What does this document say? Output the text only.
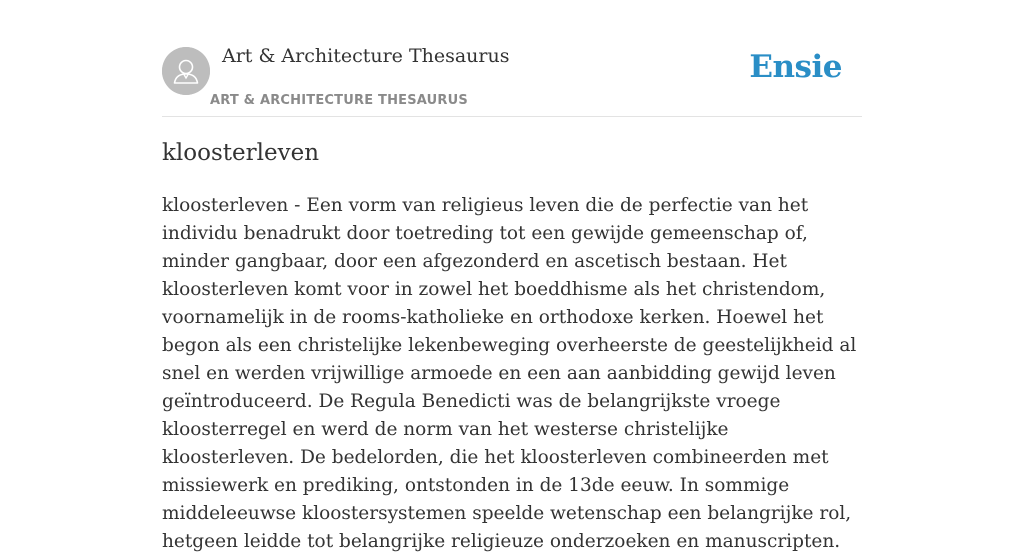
Art & Architecture Thesaurus
ART & ARCHITECTURE THESAURUS
Ensie
kloosterleven

kloosterleven - Een vorm van religieus leven die de perfectie van het individu benadrukt door toetreding tot een gewijde gemeenschap of, minder gangbaar, door een afgezonderd en ascetisch bestaan. Het kloosterleven komt voor in zowel het boeddhisme als het christendom, voornamelijk in de rooms-katholieke en orthodoxe kerken. Hoewel het begon als een christelijke lekenbeweging overheerste de geestelijkheid al snel en werden vrijwillige armoede en een aan aanbidding gewijd leven geïntroduceerd. De Regula Benedicti was de belangrijkste vroege kloosterregel en werd de norm van het westerse christelijke kloosterleven. De bedelorden, die het kloosterleven combineerden met missiewerk en prediking, ontstonden in de 13de eeuw. In sommige middeleeuwse kloostersystemen speelde wetenschap een belangrijke rol, hetgeen leidde tot belangrijke religieuze onderzoeken en manuscripten.
